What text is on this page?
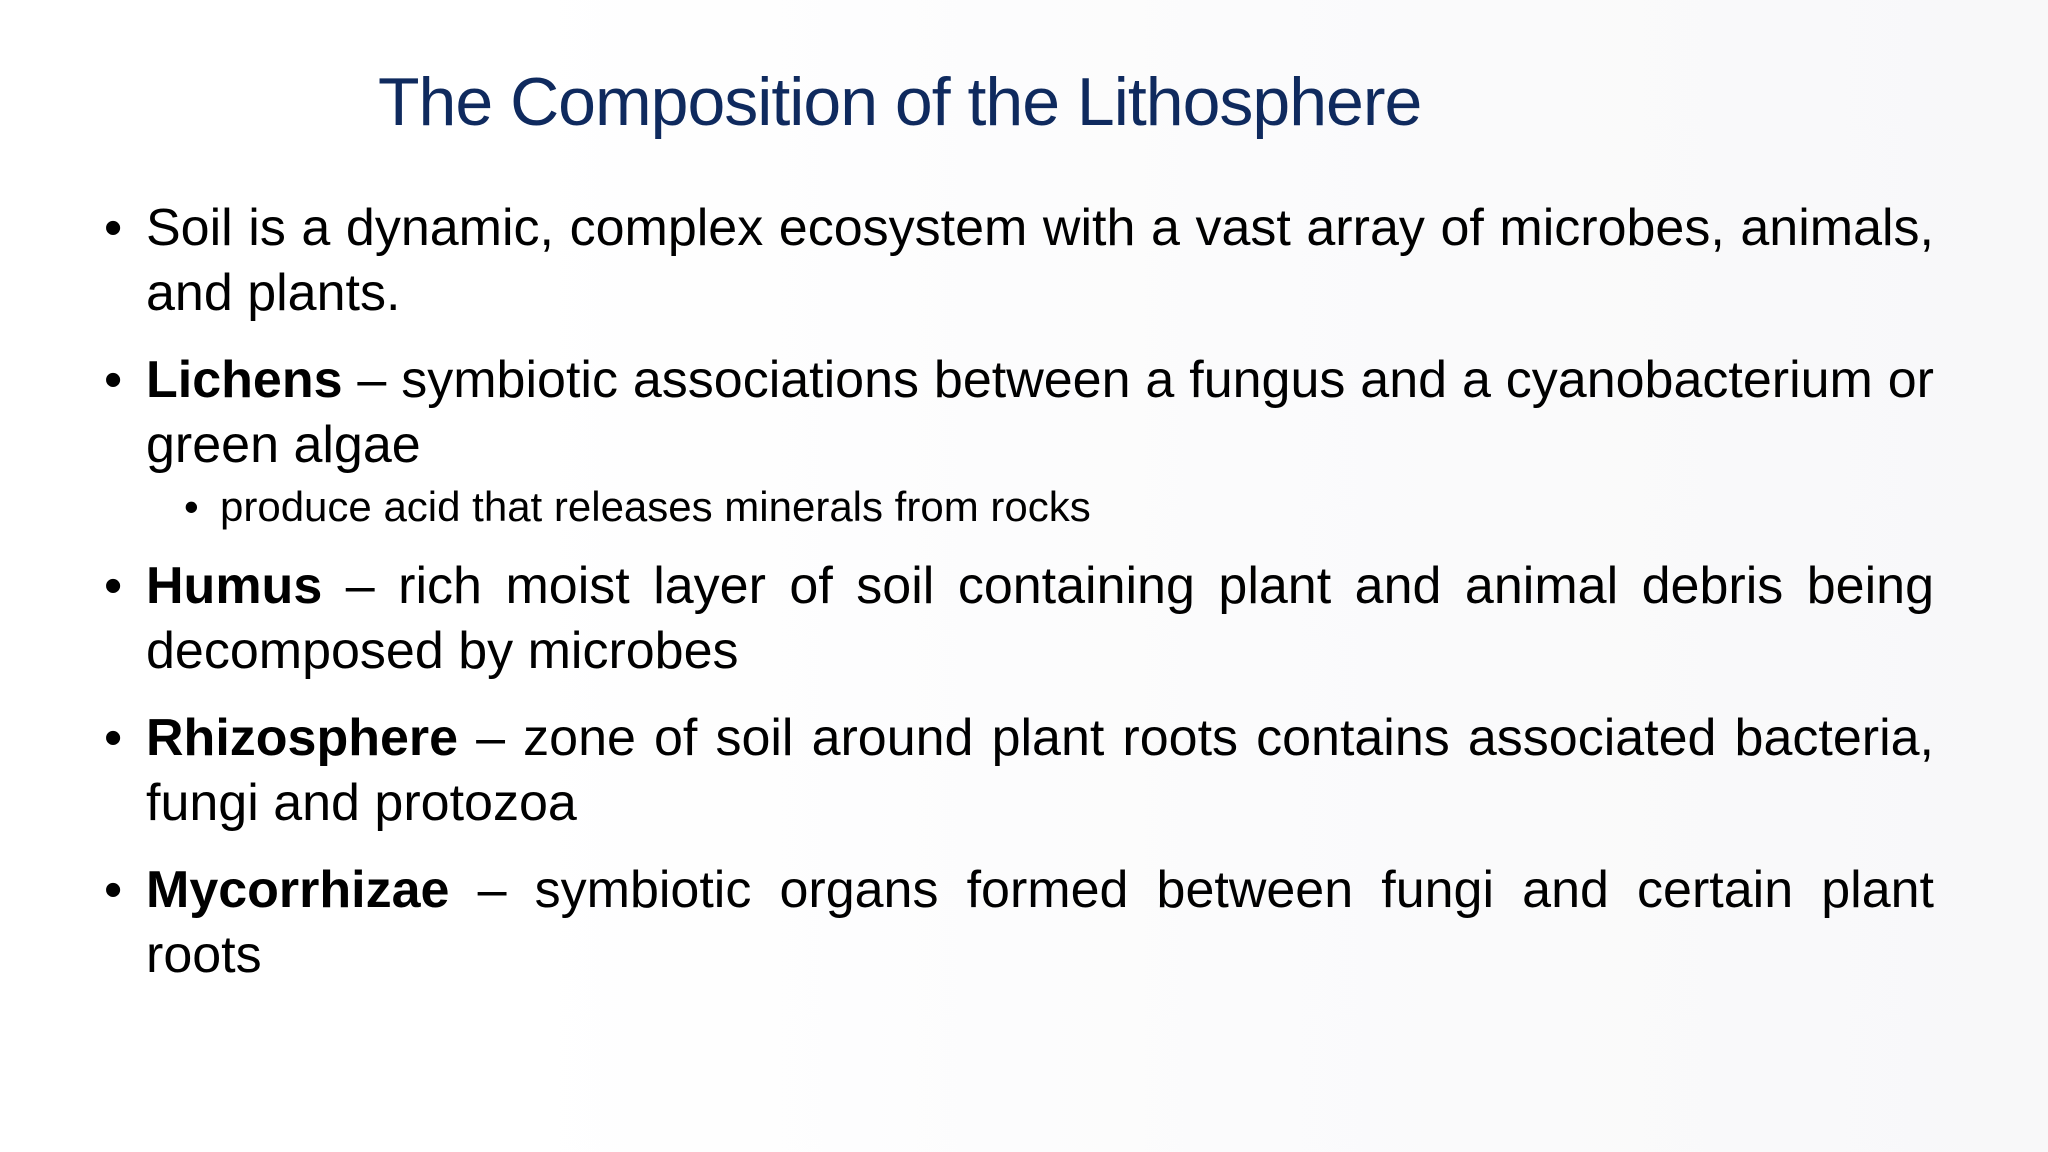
The Composition of the Lithosphere
• Soil is a dynamic, complex ecosystem with a vast array of microbes, animals, and plants.
• Lichens – symbiotic associations between a fungus and a cyanobacterium or green algae
• produce acid that releases minerals from rocks
• Humus – rich moist layer of soil containing plant and animal debris being decomposed by microbes
• Rhizosphere – zone of soil around plant roots contains associated bacteria, fungi and protozoa
• Mycorrhizae – symbiotic organs formed between fungi and certain plant roots
